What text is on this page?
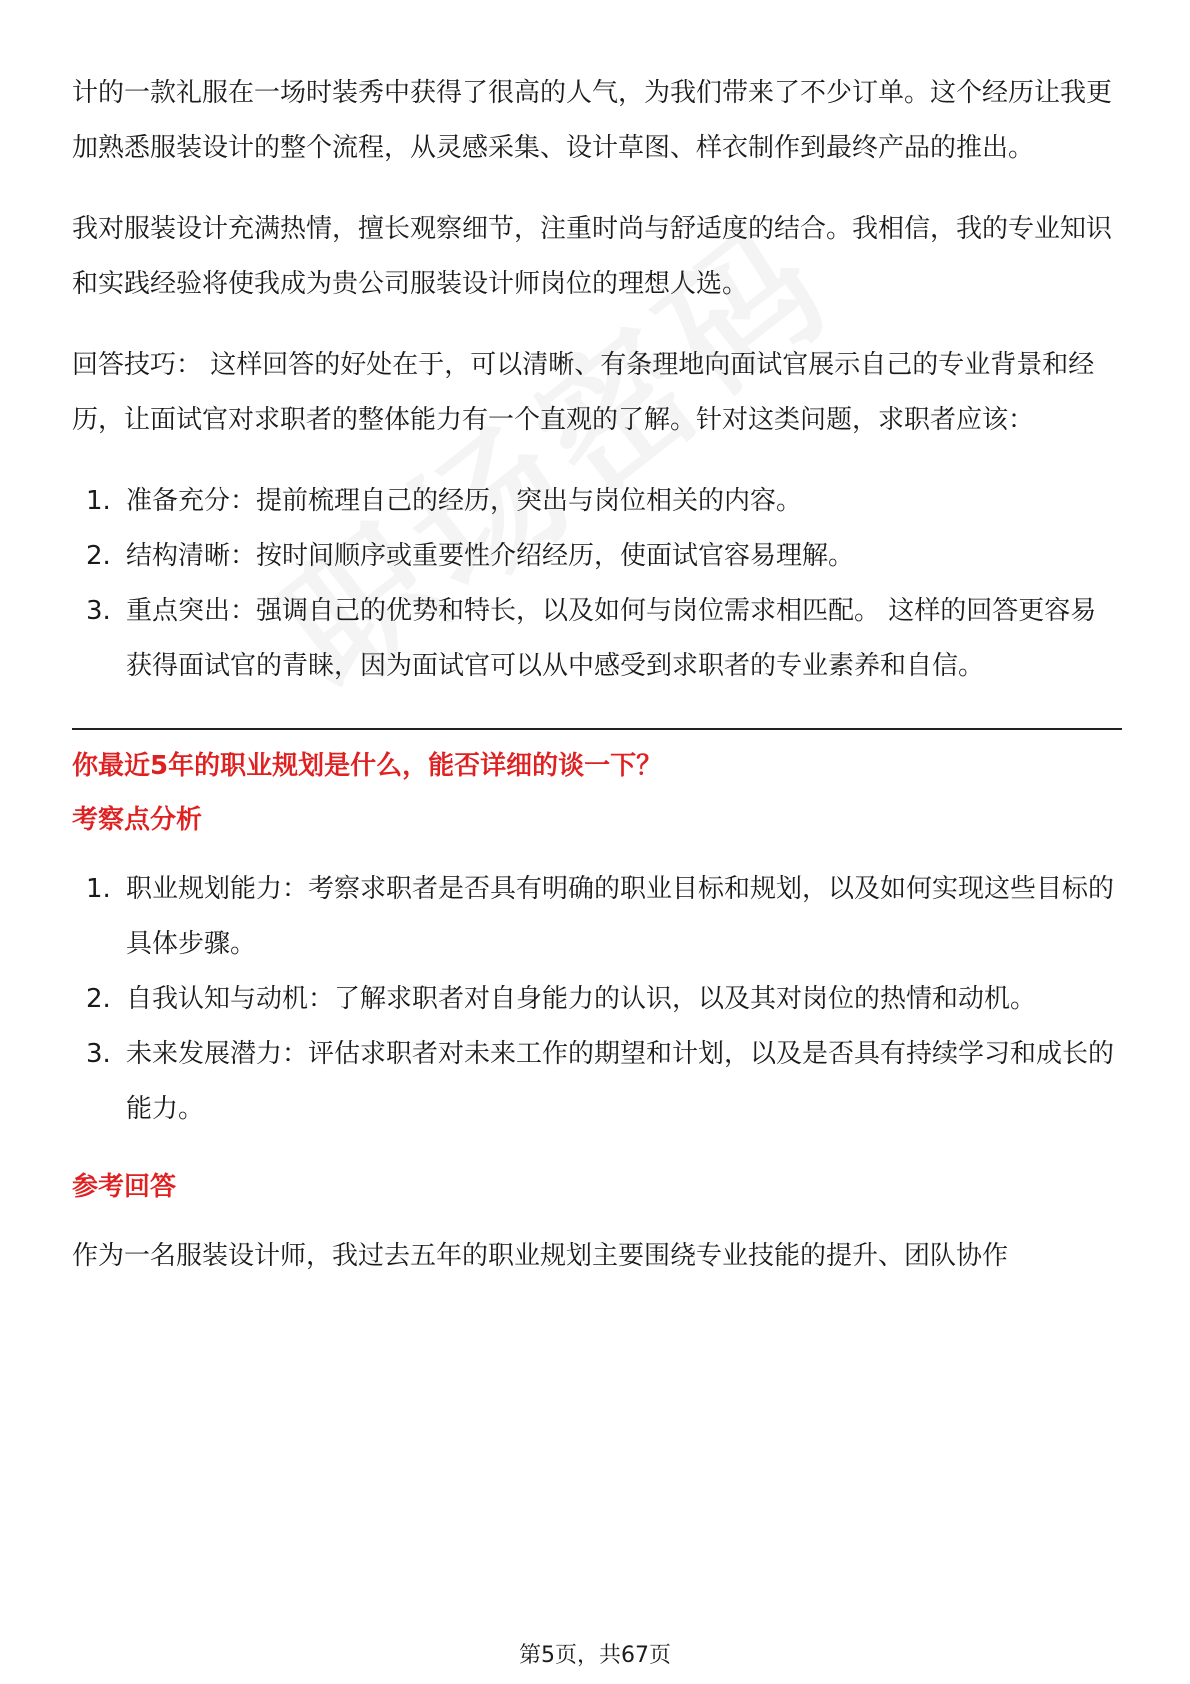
计的一款礼服在一场时装秀中获得了很高的人气，为我们带来了不少订单。这个经历让我更加熟悉服装设计的整个流程，从灵感采集、设计草图、样衣制作到最终产品的推出。

我对服装设计充满热情，擅长观察细节，注重时尚与舒适度的结合。我相信，我的专业知识和实践经验将使我成为贵公司服装设计师岗位的理想人选。

回答技巧： 这样回答的好处在于，可以清晰、有条理地向面试官展示自己的专业背景和经历，让面试官对求职者的整体能力有一个直观的了解。针对这类问题，求职者应该：

1. 准备充分：提前梳理自己的经历，突出与岗位相关的内容。
2. 结构清晰：按时间顺序或重要性介绍经历，使面试官容易理解。
3. 重点突出：强调自己的优势和特长，以及如何与岗位需求相匹配。 这样的回答更容易获得面试官的青睐，因为面试官可以从中感受到求职者的专业素养和自信。
你最近5年的职业规划是什么，能否详细的谈一下？
考察点分析
1. 职业规划能力：考察求职者是否具有明确的职业目标和规划，以及如何实现这些目标的具体步骤。
2. 自我认知与动机：了解求职者对自身能力的认识，以及其对岗位的热情和动机。
3. 未来发展潜力：评估求职者对未来工作的期望和计划，以及是否具有持续学习和成长的能力。
参考回答

作为一名服装设计师，我过去五年的职业规划主要围绕专业技能的提升、团队协作

第5页，共67页
